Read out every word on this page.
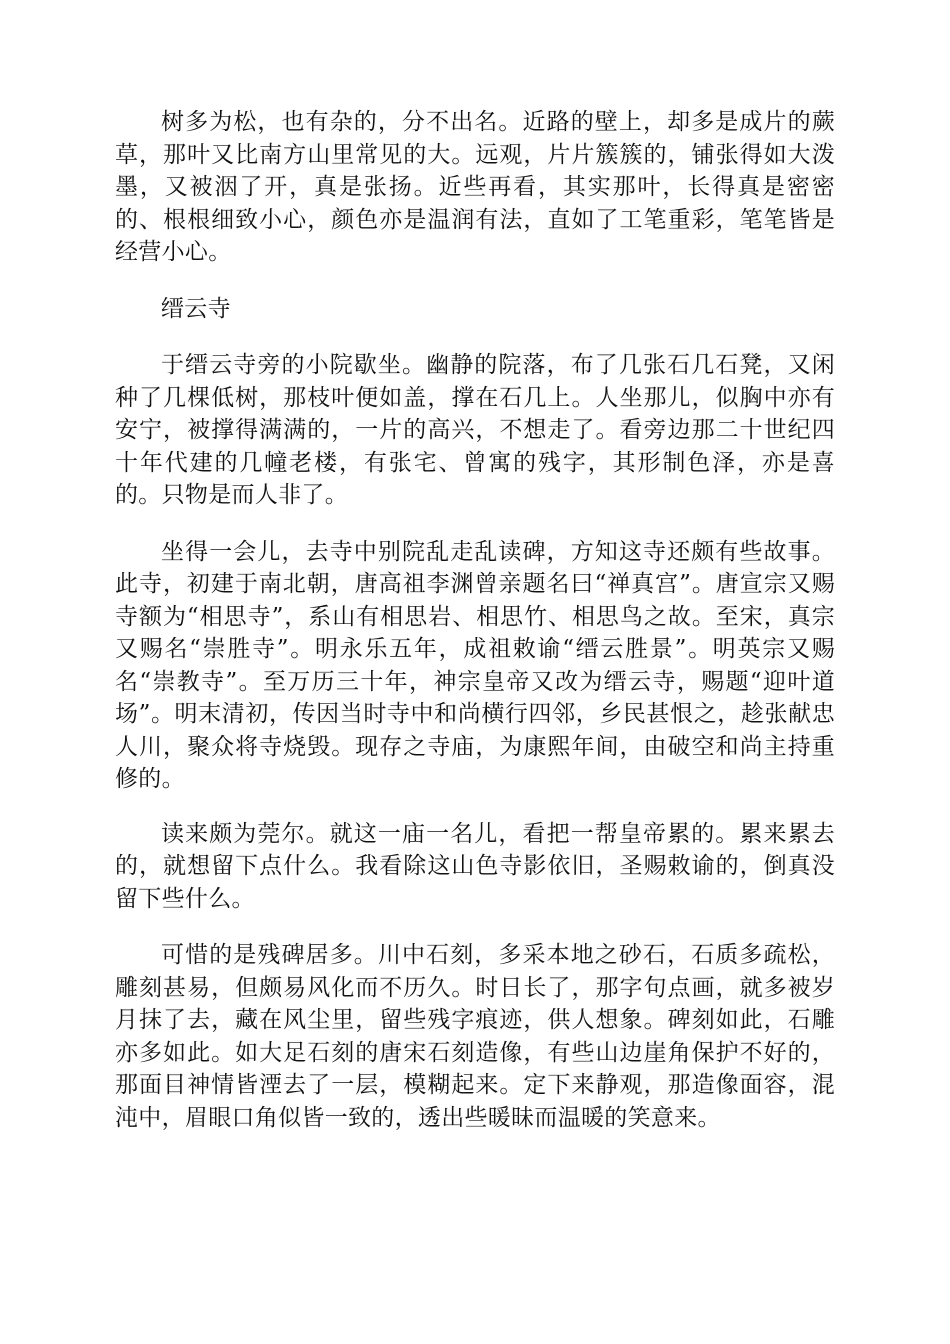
树多为松，也有杂的，分不出名。近路的壁上，却多是成片的蕨草，那叶又比南方山里常见的大。远观，片片簇簇的，铺张得如大泼墨，又被洇了开，真是张扬。近些再看，其实那叶，长得真是密密的、根根细致小心，颜色亦是温润有法，直如了工笔重彩，笔笔皆是经营小心。

缙云寺

于缙云寺旁的小院歇坐。幽静的院落，布了几张石几石凳，又闲种了几棵低树，那枝叶便如盖，撑在石几上。人坐那儿，似胸中亦有安宁，被撑得满满的，一片的高兴，不想走了。看旁边那二十世纪四十年代建的几幢老楼，有张宅、曾寓的残字，其形制色泽，亦是喜的。只物是而人非了。

坐得一会儿，去寺中别院乱走乱读碑，方知这寺还颇有些故事。此寺，初建于南北朝，唐高祖李渊曾亲题名曰“禅真宫”。唐宣宗又赐寺额为“相思寺”，系山有相思岩、相思竹、相思鸟之故。至宋，真宗又赐名“崇胜寺”。明永乐五年，成祖敕谕“缙云胜景”。明英宗又赐名“崇教寺”。至万历三十年，神宗皇帝又改为缙云寺，赐题“迎叶道场”。明末清初，传因当时寺中和尚横行四邻，乡民甚恨之，趁张献忠人川，聚众将寺烧毁。现存之寺庙，为康熙年间，由破空和尚主持重修的。

读来颇为莞尔。就这一庙一名儿，看把一帮皇帝累的。累来累去的，就想留下点什么。我看除这山色寺影依旧，圣赐敕谕的，倒真没留下些什么。

可惜的是残碑居多。川中石刻，多采本地之砂石，石质多疏松，雕刻甚易，但颇易风化而不历久。时日长了，那字句点画，就多被岁月抹了去，藏在风尘里，留些残字痕迹，供人想象。碑刻如此，石雕亦多如此。如大足石刻的唐宋石刻造像，有些山边崖角保护不好的，那面目神情皆湮去了一层，模糊起来。定下来静观，那造像面容，混沌中，眉眼口角似皆一致的，透出些暖昧而温暖的笑意来。
